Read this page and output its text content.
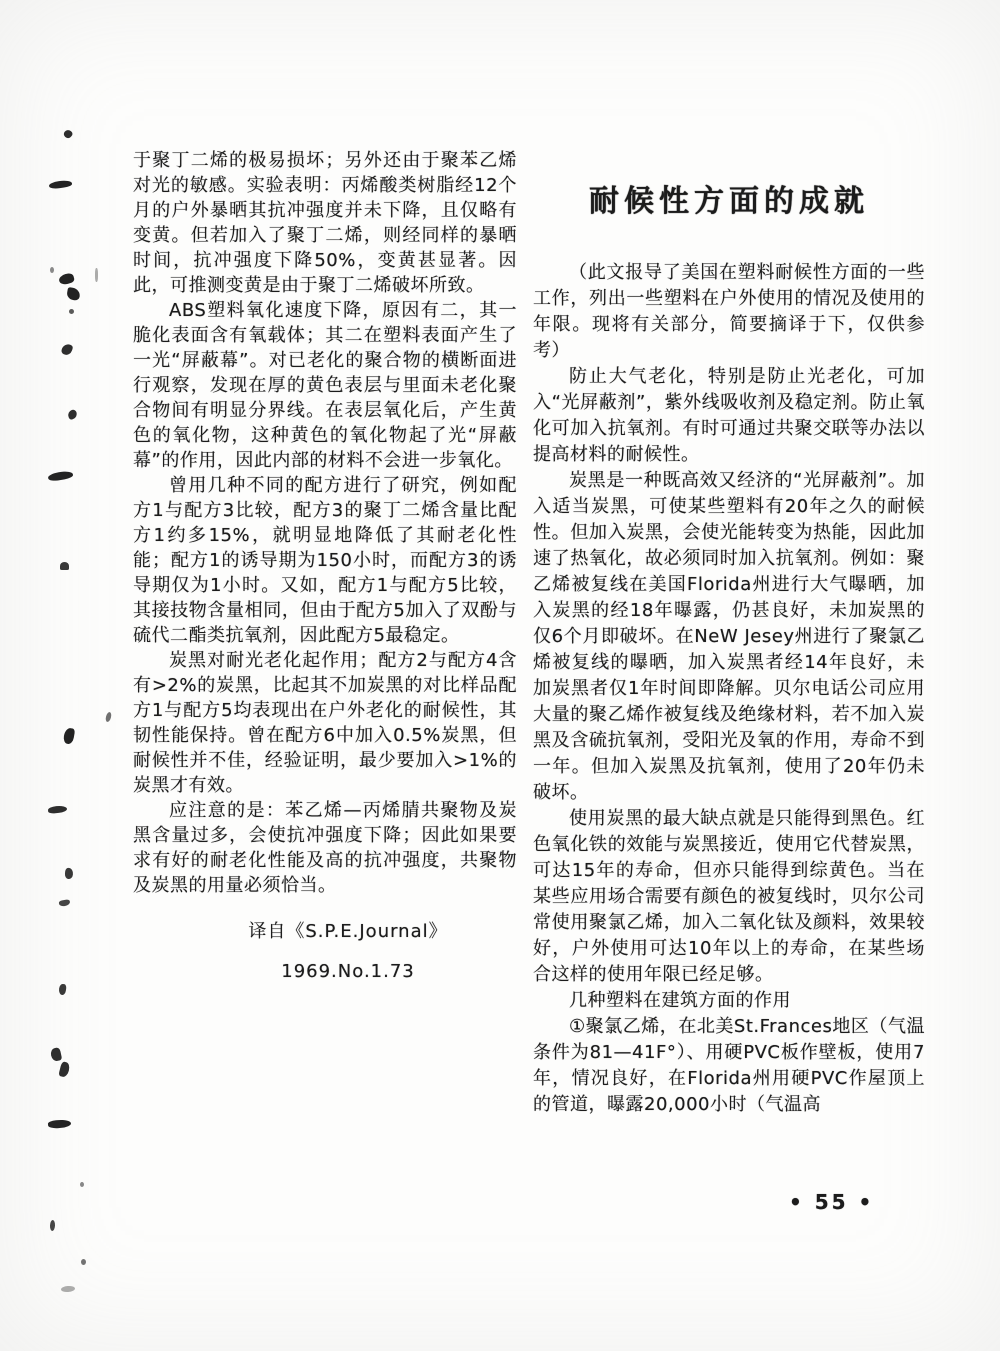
于聚丁二烯的极易损坏；另外还由于聚苯乙烯对光的敏感。实验表明：丙烯酸类树脂经12个月的户外暴晒其抗冲强度并未下降，且仅略有变黄。但若加入了聚丁二烯，则经同样的暴晒时间，抗冲强度下降50%，变黄甚显著。因此，可推测变黄是由于聚丁二烯破坏所致。

ABS塑料氧化速度下降，原因有二，其一脆化表面含有氧载体；其二在塑料表面产生了一光“屏蔽幕”。对已老化的聚合物的横断面进行观察，发现在厚的黄色表层与里面未老化聚合物间有明显分界线。在表层氧化后，产生黄色的氧化物，这种黄色的氧化物起了光“屏蔽幕”的作用，因此内部的材料不会进一步氧化。

曾用几种不同的配方进行了研究，例如配方1与配方3比较，配方3的聚丁二烯含量比配方1约多15%，就明显地降低了其耐老化性能；配方1的诱导期为150小时，而配方3的诱导期仅为1小时。又如，配方1与配方5比较，其接技物含量相同，但由于配方5加入了双酚与硫代二酯类抗氧剂，因此配方5最稳定。

炭黑对耐光老化起作用；配方2与配方4含有>2%的炭黑，比起其不加炭黑的对比样品配方1与配方5均表现出在户外老化的耐候性，其韧性能保持。曾在配方6中加入0.5%炭黑，但耐候性并不佳，经验证明，最少要加入>1%的炭黑才有效。

应注意的是：苯乙烯—丙烯腈共聚物及炭黑含量过多，会使抗冲强度下降；因此如果要求有好的耐老化性能及高的抗冲强度，共聚物及炭黑的用量必须恰当。

译自《S.P.E.Journal》
1969.No.1.73
耐候性方面的成就

（此文报导了美国在塑料耐候性方面的一些工作，列出一些塑料在户外使用的情况及使用的年限。现将有关部分，简要摘译于下，仅供参考）

防止大气老化，特别是防止光老化，可加入“光屏蔽剂”，紫外线吸收剂及稳定剂。防止氧化可加入抗氧剂。有时可通过共聚交联等办法以提高材料的耐候性。

炭黑是一种既高效又经济的“光屏蔽剂”。加入适当炭黑，可使某些塑料有20年之久的耐候性。但加入炭黑，会使光能转变为热能，因此加速了热氧化，故必须同时加入抗氧剂。例如：聚乙烯被复线在美国Florida州进行大气曝晒，加入炭黑的经18年曝露，仍甚良好，未加炭黑的仅6个月即破坏。在NeW Jesey州进行了聚氯乙烯被复线的曝晒，加入炭黑者经14年良好，未加炭黑者仅1年时间即降解。贝尔电话公司应用大量的聚乙烯作被复线及绝缘材料，若不加入炭黑及含硫抗氧剂，受阳光及氧的作用，寿命不到一年。但加入炭黑及抗氧剂，使用了20年仍未破坏。

使用炭黑的最大缺点就是只能得到黑色。红色氧化铁的效能与炭黑接近，使用它代替炭黑，可达15年的寿命，但亦只能得到综黄色。当在某些应用场合需要有颜色的被复线时，贝尔公司常使用聚氯乙烯，加入二氧化钛及颜料，效果较好，户外使用可达10年以上的寿命，在某些场合这样的使用年限已经足够。

几种塑料在建筑方面的作用

①聚氯乙烯，在北美St.Frances地区（气温条件为81—41F°）、用硬PVC板作壁板，使用7年，情况良好，在Florida州用硬PVC作屋顶上的管道，曝露20,000小时（气温高

• 55 •
